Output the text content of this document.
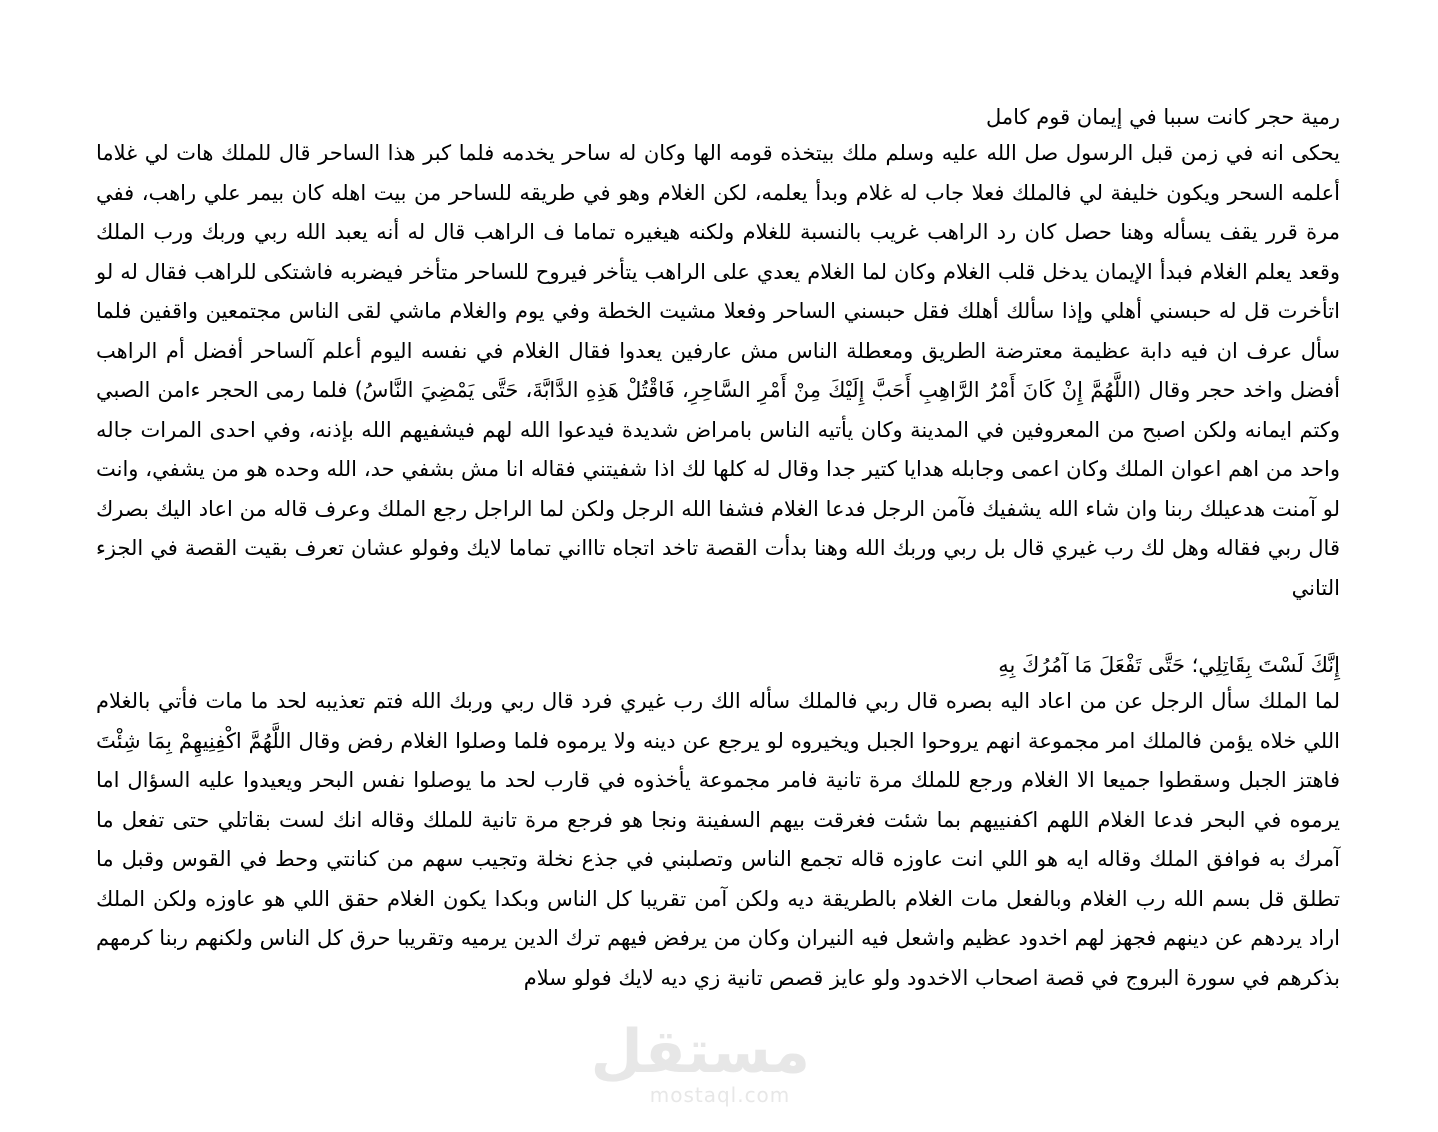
رمية حجر كانت سببا في إيمان قوم كامل

يحكى انه في زمن قبل الرسول صل الله عليه وسلم ملك بيتخذه قومه الها وكان له ساحر يخدمه فلما كبر هذا الساحر قال للملك هات لي غلاما أعلمه السحر ويكون خليفة لي فالملك فعلا جاب له غلام وبدأ يعلمه، لكن الغلام وهو في طريقه للساحر من بيت اهله كان بيمر علي راهب، ففي مرة قرر يقف يسأله وهنا حصل كان رد الراهب غريب بالنسبة للغلام ولكنه هيغيره تماما ف الراهب قال له أنه يعبد الله ربي وربك ورب الملك وقعد يعلم الغلام فبدأ الإيمان يدخل قلب الغلام وكان لما الغلام يعدي على الراهب يتأخر فيروح للساحر متأخر فيضربه فاشتكى للراهب فقال له لو اتأخرت قل له حبسني أهلي وإذا سألك أهلك فقل حبسني الساحر وفعلا مشيت الخطة وفي يوم والغلام ماشي لقى الناس مجتمعين واقفين فلما سأل عرف ان فيه دابة عظيمة معترضة الطريق ومعطلة الناس مش عارفين يعدوا فقال الغلام في نفسه اليوم أعلم آلساحر أفضل أم الراهب أفضل واخد حجر وقال (اللَّهُمَّ إِنْ كَانَ أَمْرُ الرَّاهِبِ أَحَبَّ إِلَيْكَ مِنْ أَمْرِ السَّاحِرِ، فَاقْتُلْ هَذِهِ الدَّابَّةَ، حَتَّى يَمْضِيَ النَّاسُ) فلما رمى الحجر ءامن الصبي وكتم ايمانه ولكن اصبح من المعروفين في المدينة وكان يأتيه الناس بامراض شديدة فيدعوا الله لهم فيشفيهم الله بإذنه، وفي احدى المرات جاله واحد من اهم اعوان الملك وكان اعمى وجابله هدايا كتير جدا وقال له كلها لك اذا شفيتني فقاله انا مش بشفي حد، الله وحده هو من يشفي، وانت لو آمنت هدعيلك ربنا وان شاء الله يشفيك فآمن الرجل فدعا الغلام فشفا الله الرجل ولكن لما الراجل رجع الملك وعرف قاله من اعاد اليك بصرك قال ربي فقاله وهل لك رب غيري قال بل ربي وربك الله وهنا بدأت القصة تاخد اتجاه تاااني تماما لايك وفولو عشان تعرف بقيت القصة في الجزء التاني

إِنَّكَ لَسْتَ بِقَاتِلِي؛ حَتَّى تَفْعَلَ مَا آمُرُكَ بِهِ

لما الملك سأل الرجل عن من اعاد اليه بصره قال ربي فالملك سأله الك رب غيري فرد قال ربي وربك الله فتم تعذيبه لحد ما مات فأتي بالغلام اللي خلاه يؤمن فالملك امر مجموعة انهم يروحوا الجبل ويخيروه لو يرجع عن دينه ولا يرموه فلما وصلوا الغلام رفض وقال اللَّهُمَّ اكْفِنِيهِمْ بِمَا شِئْتَ فاهتز الجبل وسقطوا جميعا الا الغلام ورجع للملك مرة تانية فامر مجموعة يأخذوه في قارب لحد ما يوصلوا نفس البحر ويعيدوا عليه السؤال اما يرموه في البحر فدعا الغلام اللهم اكفنييهم بما شئت فغرقت بيهم السفينة ونجا هو فرجع مرة تانية للملك وقاله انك لست بقاتلي حتى تفعل ما آمرك به فوافق الملك وقاله ايه هو اللي انت عاوزه قاله تجمع الناس وتصلبني في جذع نخلة وتجيب سهم من كنانتي وحط في القوس وقبل ما تطلق قل بسم الله رب الغلام وبالفعل مات الغلام بالطريقة ديه ولكن آمن تقريبا كل الناس وبكدا يكون الغلام حقق اللي هو عاوزه ولكن الملك اراد يردهم عن دينهم فجهز لهم اخدود عظيم واشعل فيه النيران وكان من يرفض فيهم ترك الدين يرميه وتقريبا حرق كل الناس ولكنهم ربنا كرمهم بذكرهم في سورة البروج في قصة اصحاب الاخدود ولو عايز قصص تانية زي ديه لايك فولو سلام

مستقل
mostaql.com
